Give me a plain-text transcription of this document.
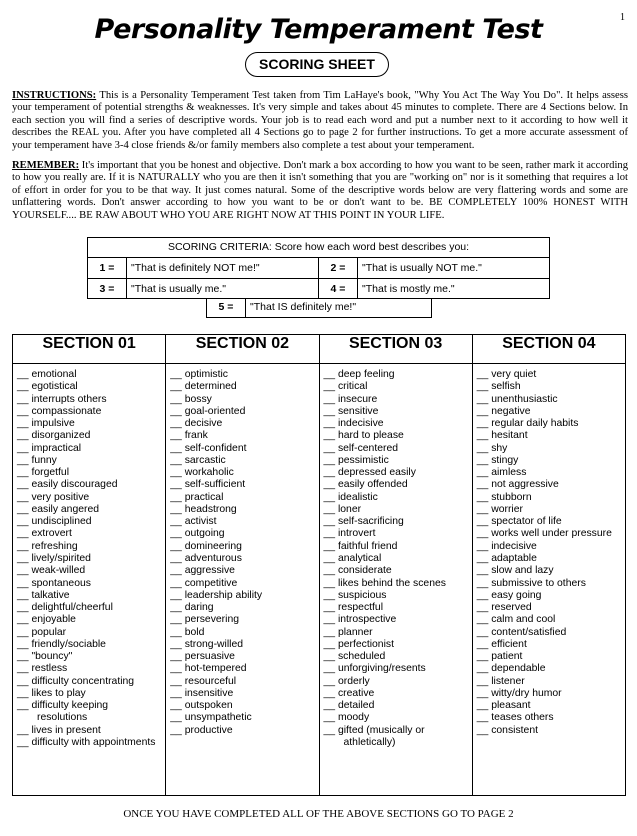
1
Personality Temperament Test
SCORING SHEET

INSTRUCTIONS: This is a Personality Temperament Test taken from Tim LaHaye's book, "Why You Act The Way You Do". It helps assess your temperament of potential strengths & weaknesses. It's very simple and takes about 45 minutes to complete. There are 4 Sections below. In each section you will find a series of descriptive words. Your job is to read each word and put a number next to it according to how well it describes the REAL you. After you have completed all 4 Sections go to page 2 for further instructions. To get a more accurate assessment of your temperament have 3-4 close friends &/or family members also complete a test about your temperament.

REMEMBER: It's important that you be honest and objective. Don't mark a box according to how you want to be seen, rather mark it according to how you really are. If it is NATURALLY who you are then it isn't something that you are "working on" nor is it something that requires a lot of effort in order for you to be that way. It just comes natural. Some of the descriptive words below are very flattering words and some are unflattering words. Don't answer according to how you want to be or don't want to be. BE COMPLETELY 100% HONEST WITH YOURSELF.... BE RAW ABOUT WHO YOU ARE RIGHT NOW AT THIS POINT IN YOUR LIFE.

SCORING CRITERIA: Score how each word best describes you:
1 =	"That is definitely NOT me!"	2 =	"That is usually NOT me."
3 =	"That is usually me."	4 =	"That is mostly me."
5 =	"That IS definitely me!"
SECTION 01
__ emotional
__ egotistical
__ interrupts others
__ compassionate
__ impulsive
__ disorganized
__ impractical
__ funny
__ forgetful
__ easily discouraged
__ very positive
__ easily angered
__ undisciplined
__ extrovert
__ refreshing
__ lively/spirited
__ weak-willed
__ spontaneous
__ talkative
__ delightful/cheerful
__ enjoyable
__ popular
__ friendly/sociable
__ "bouncy"
__ restless
__ difficulty concentrating
__ likes to play
__ difficulty keeping
resolutions
__ lives in present
__ difficulty with appointments
SECTION 02
__ optimistic
__ determined
__ bossy
__ goal-oriented
__ decisive
__ frank
__ self-confident
__ sarcastic
__ workaholic
__ self-sufficient
__ practical
__ headstrong
__ activist
__ outgoing
__ domineering
__ adventurous
__ aggressive
__ competitive
__ leadership ability
__ daring
__ persevering
__ bold
__ strong-willed
__ persuasive
__ hot-tempered
__ resourceful
__ insensitive
__ outspoken
__ unsympathetic
__ productive
SECTION 03
__ deep feeling
__ critical
__ insecure
__ sensitive
__ indecisive
__ hard to please
__ self-centered
__ pessimistic
__ depressed easily
__ easily offended
__ idealistic
__ loner
__ self-sacrificing
__ introvert
__ faithful friend
__ analytical
__ considerate
__ likes behind the scenes
__ suspicious
__ respectful
__ introspective
__ planner
__ perfectionist
__ scheduled
__ unforgiving/resents
__ orderly
__ creative
__ detailed
__ moody
__ gifted (musically or
athletically)
SECTION 04
__ very quiet
__ selfish
__ unenthusiastic
__ negative
__ regular daily habits
__ hesitant
__ shy
__ stingy
__ aimless
__ not aggressive
__ stubborn
__ worrier
__ spectator of life
__ works well under pressure
__ indecisive
__ adaptable
__ slow and lazy
__ submissive to others
__ easy going
__ reserved
__ calm and cool
__ content/satisfied
__ efficient
__ patient
__ dependable
__ listener
__ witty/dry humor
__ pleasant
__ teases others
__ consistent
ONCE YOU HAVE COMPLETED ALL OF THE ABOVE SECTIONS GO TO PAGE 2
